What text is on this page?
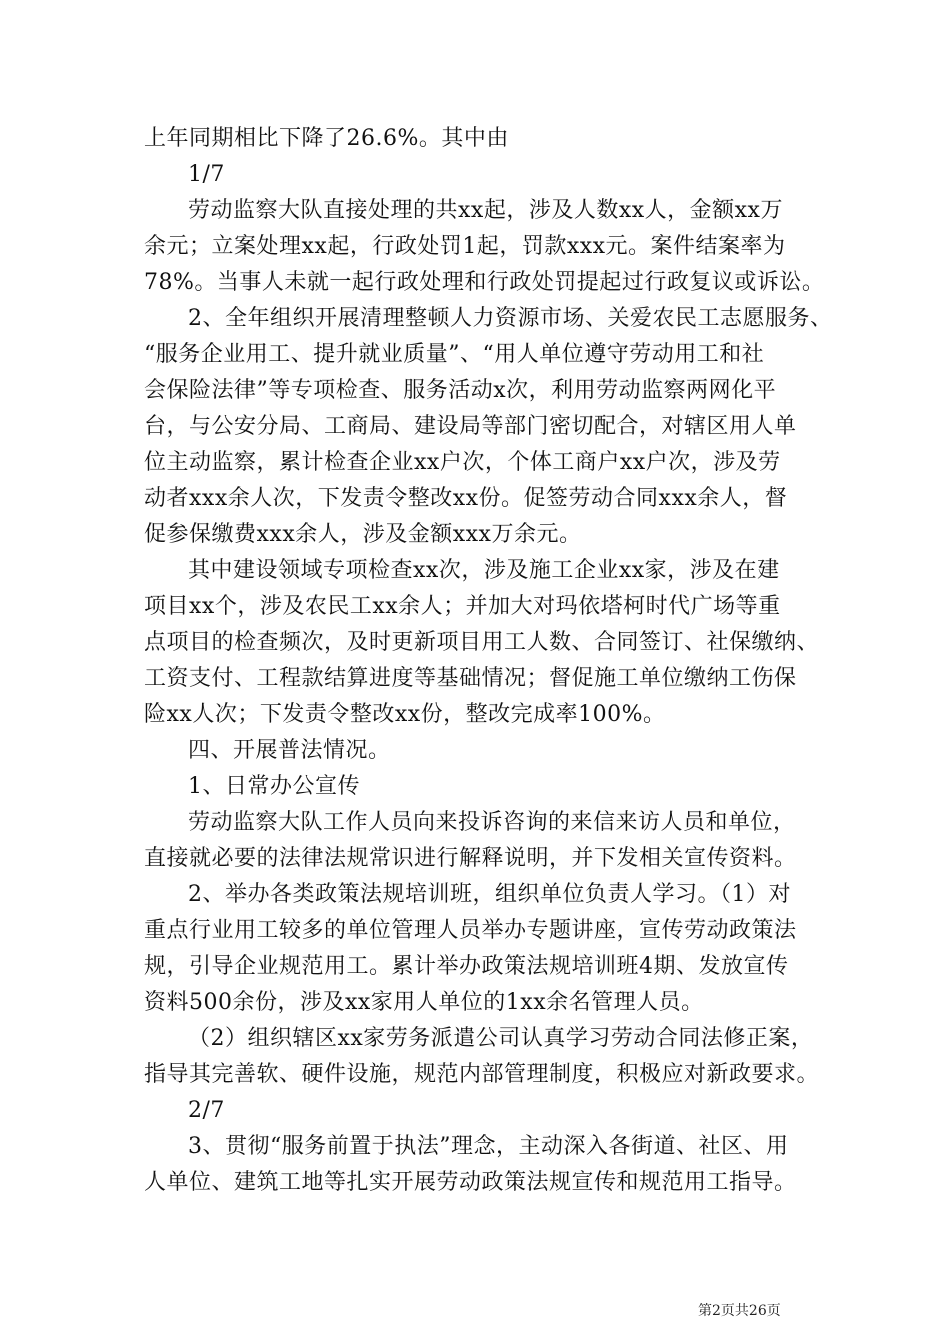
上年同期相比下降了26.6%。其中由
1/7
劳动监察大队直接处理的共xx起，涉及人数xx人，金额xx万
余元；立案处理xx起，行政处罚1起，罚款xxx元。案件结案率为
78%。当事人未就一起行政处理和行政处罚提起过行政复议或诉讼。
2、全年组织开展清理整顿人力资源市场、关爱农民工志愿服务、
“服务企业用工、提升就业质量”、“用人单位遵守劳动用工和社
会保险法律”等专项检查、服务活动x次，利用劳动监察两网化平
台，与公安分局、工商局、建设局等部门密切配合，对辖区用人单
位主动监察，累计检查企业xx户次，个体工商户xx户次，涉及劳
动者xxx余人次，下发责令整改xx份。促签劳动合同xxx余人，督
促参保缴费xxx余人，涉及金额xxx万余元。
其中建设领域专项检查xx次，涉及施工企业xx家，涉及在建
项目xx个，涉及农民工xx余人；并加大对玛依塔柯时代广场等重
点项目的检查频次，及时更新项目用工人数、合同签订、社保缴纳、
工资支付、工程款结算进度等基础情况；督促施工单位缴纳工伤保
险xx人次；下发责令整改xx份，整改完成率100%。
四、开展普法情况。
1、日常办公宣传
劳动监察大队工作人员向来投诉咨询的来信来访人员和单位，
直接就必要的法律法规常识进行解释说明，并下发相关宣传资料。
2、举办各类政策法规培训班，组织单位负责人学习。（1）对
重点行业用工较多的单位管理人员举办专题讲座，宣传劳动政策法
规，引导企业规范用工。累计举办政策法规培训班4期、发放宣传
资料500余份，涉及xx家用人单位的1xx余名管理人员。
（2）组织辖区xx家劳务派遣公司认真学习劳动合同法修正案，
指导其完善软、硬件设施，规范内部管理制度，积极应对新政要求。
2/7
3、贯彻“服务前置于执法”理念，主动深入各街道、社区、用
人单位、建筑工地等扎实开展劳动政策法规宣传和规范用工指导。
第2页共26页
